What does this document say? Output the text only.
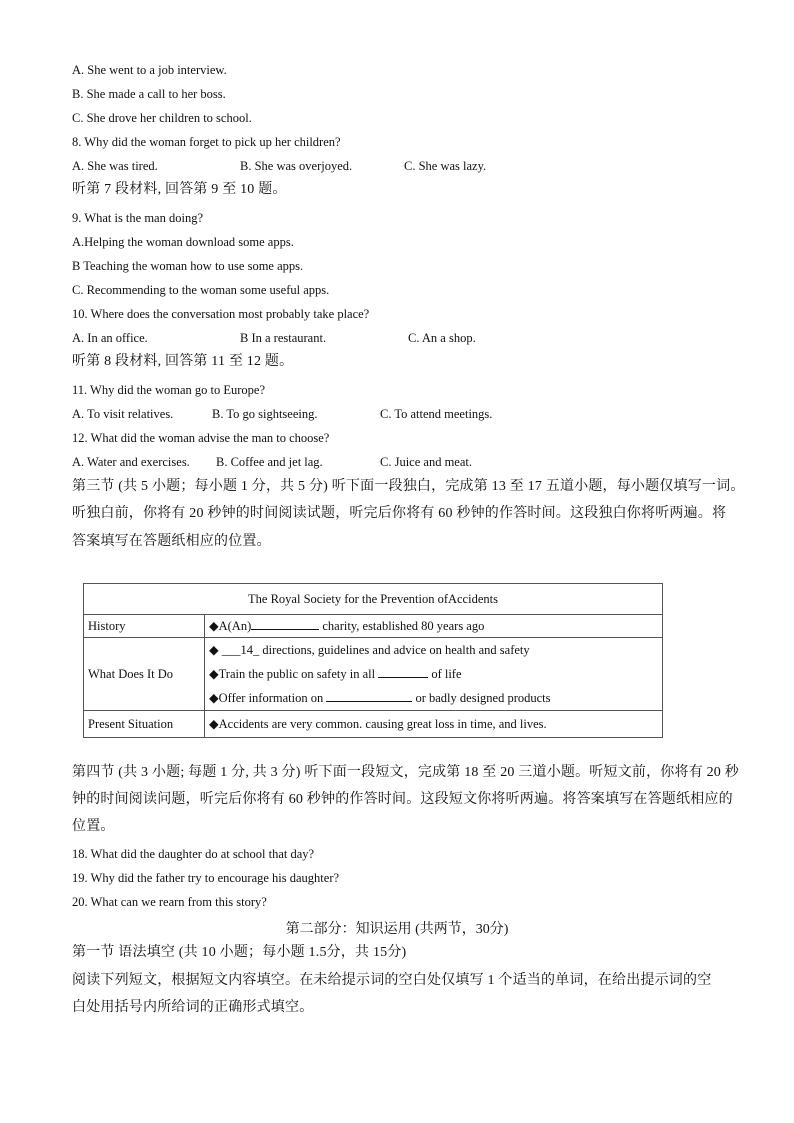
A. She went to a job interview.
B. She made a call to her boss.
C. She drove her children to school.
8. Why did the woman forget to pick up her children?
A. She was tired.	B. She was overjoyed.	C. She was lazy.
听第 7 段材料, 回答第 9 至 10 题。
9. What is the man doing?
A.Helping the woman download some apps.
B Teaching the woman how to use some apps.
C. Recommending to the woman some useful apps.
10. Where does the conversation most probably take place?
A. In an office.	B In a restaurant.	C. An a shop.
听第 8 段材料, 回答第 11 至 12 题。
11. Why did the woman go to Europe?
A. To visit relatives.	B. To go sightseeing.	C. To attend meetings.
12. What did the woman advise the man to choose?
A. Water and exercises. B. Coffee and jet lag.	C. Juice and meat.
第三节 (共 5 小题；每小题 1 分，共 5 分) 听下面一段独白，完成第 13 至 17 五道小题，每小题仅填写一词。
听独白前，你将有 20 秒钟的时间阅读试题，听完后你将有 60 秒钟的作答时间。这段独白你将听两遍。将
答案填写在答题纸相应的位置。
The Royal Society for the Prevention ofAccidents	
History	◆A(An) charity, established 80 years ago
What Does It Do	◆ ___14_ directions, guidelines and advice on health and safety
◆Train the public on safety in all of life
◆Offer information on or badly designed products

Present Situation	◆Accidents are very common. causing great loss in time, and lives.
第四节 (共 3 小题; 每题 1 分, 共 3 分) 听下面一段短文，完成第 18 至 20 三道小题。听短文前，你将有 20 秒
钟的时间阅读问题，听完后你将有 60 秒钟的作答时间。这段短文你将听两遍。将答案填写在答题纸相应的
位置。
18. What did the daughter do at school that day?
19. Why did the father try to encourage his daughter?
20. What can we rearn from this story?
第二部分：知识运用 (共两节，30分)
第一节 语法填空 (共 10 小题；每小题 1.5分，共 15分)
阅读下列短文，根据短文内容填空。在未给提示词的空白处仅填写 1 个适当的单词，在给出提示词的空
白处用括号内所给词的正确形式填空。
